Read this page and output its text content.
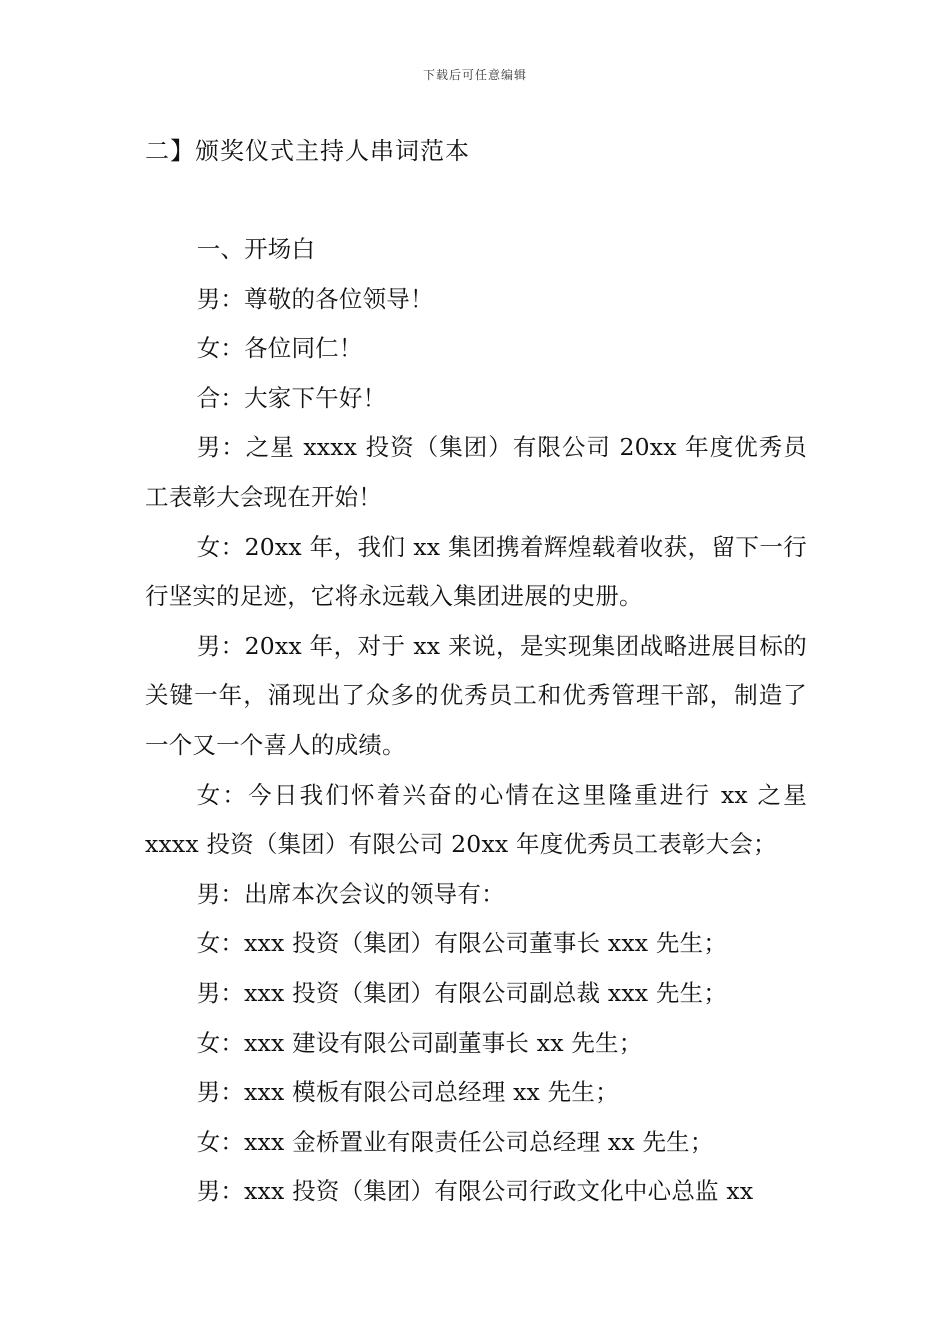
下载后可任意编辑
二】颁奖仪式主持人串词范本

一、开场白

男：尊敬的各位领导！

女：各位同仁！

合：大家下午好！

男：之星 xxxx 投资（集团）有限公司 20xx 年度优秀员工表彰大会现在开始！

女：20xx 年，我们 xx 集团携着辉煌载着收获，留下一行行坚实的足迹，它将永远载入集团进展的史册。

男：20xx 年，对于 xx 来说，是实现集团战略进展目标的关键一年，涌现出了众多的优秀员工和优秀管理干部，制造了一个又一个喜人的成绩。

女：今日我们怀着兴奋的心情在这里隆重进行 xx 之星 xxxx 投资（集团）有限公司 20xx 年度优秀员工表彰大会；

男：出席本次会议的领导有：

女：xxx 投资（集团）有限公司董事长 xxx 先生；

男：xxx 投资（集团）有限公司副总裁 xxx 先生；

女：xxx 建设有限公司副董事长 xx 先生；

男：xxx 模板有限公司总经理 xx 先生；

女：xxx 金桥置业有限责任公司总经理 xx 先生；

男：xxx 投资（集团）有限公司行政文化中心总监 xx
